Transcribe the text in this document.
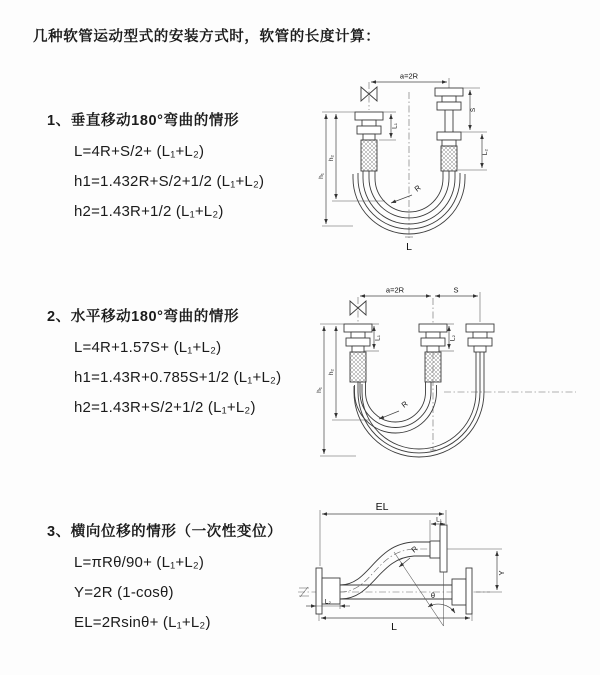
几种软管运动型式的安装方式时，软管的长度计算：
1、垂直移动180°弯曲的情形
L=4R+S/2+ (L₁+L₂)
h1=1.432R+S/2+1/2 (L₁+L₂)
h2=1.43R+1/2 (L₁+L₂)
2、水平移动180°弯曲的情形
L=4R+1.57S+ (L₁+L₂)
h1=1.43R+0.785S+1/2 (L₁+L₂)
h2=1.43R+S/2+1/2 (L₁+L₂)
3、横向位移的情形（一次性变位）
L=πRθ/90+ (L₁+L₂)
Y=2R (1-cosθ)
EL=2Rsinθ+ (L₁+L₂)
a=2R
h₁
h₂
L₁
S
L₂
R
L
a=2R	S
h₁
h₂
L₁	L₂
R
EL
L₁
θ
R
Y
L₂
L
